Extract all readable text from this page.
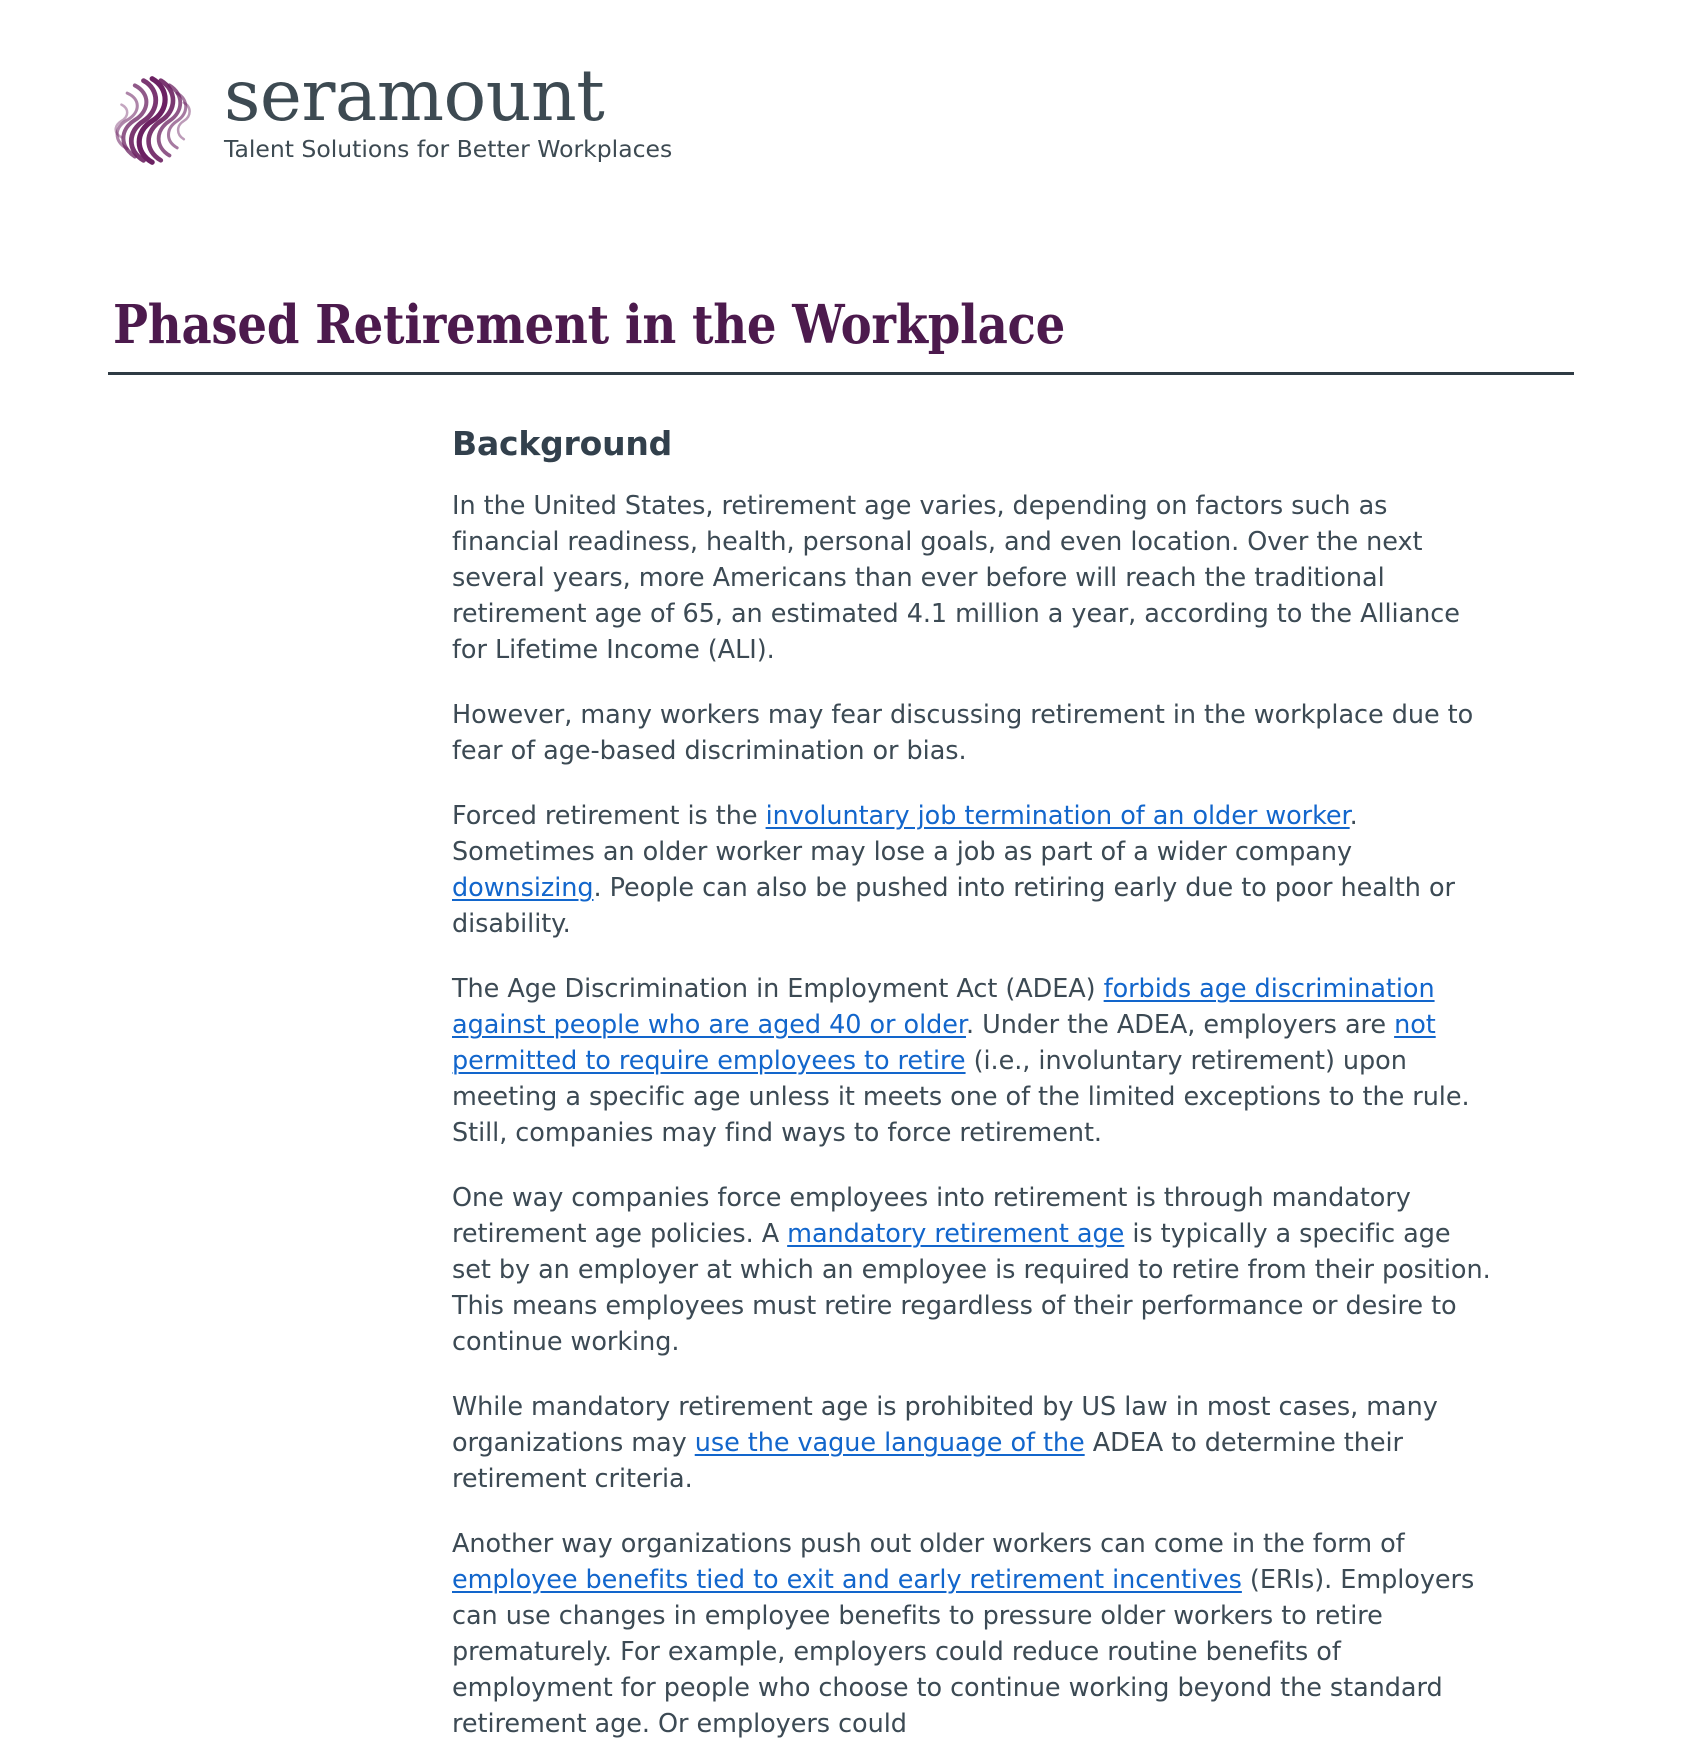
seramount
Talent Solutions for Better Workplaces
Phased Retirement in the Workplace
Background

In the United States, retirement age varies, depending on factors such as financial readiness, health, personal goals, and even location. Over the next several years, more Americans than ever before will reach the traditional retirement age of 65, an estimated 4.1 million a year, according to the Alliance for Lifetime Income (ALI).

However, many workers may fear discussing retirement in the workplace due to fear of age-based discrimination or bias.

Forced retirement is the involuntary job termination of an older worker. Sometimes an older worker may lose a job as part of a wider company downsizing. People can also be pushed into retiring early due to poor health or disability.

The Age Discrimination in Employment Act (ADEA) forbids age discrimination against people who are aged 40 or older. Under the ADEA, employers are not permitted to require employees to retire (i.e., involuntary retirement) upon meeting a specific age unless it meets one of the limited exceptions to the rule. Still, companies may find ways to force retirement.

One way companies force employees into retirement is through mandatory retirement age policies. A mandatory retirement age is typically a specific age set by an employer at which an employee is required to retire from their position. This means employees must retire regardless of their performance or desire to continue working.

While mandatory retirement age is prohibited by US law in most cases, many organizations may use the vague language of the ADEA to determine their retirement criteria.

Another way organizations push out older workers can come in the form of employee benefits tied to exit and early retirement incentives (ERIs). Employers can use changes in employee benefits to pressure older workers to retire prematurely. For example, employers could reduce routine benefits of employment for people who choose to continue working beyond the standard retirement age. Or employers could
